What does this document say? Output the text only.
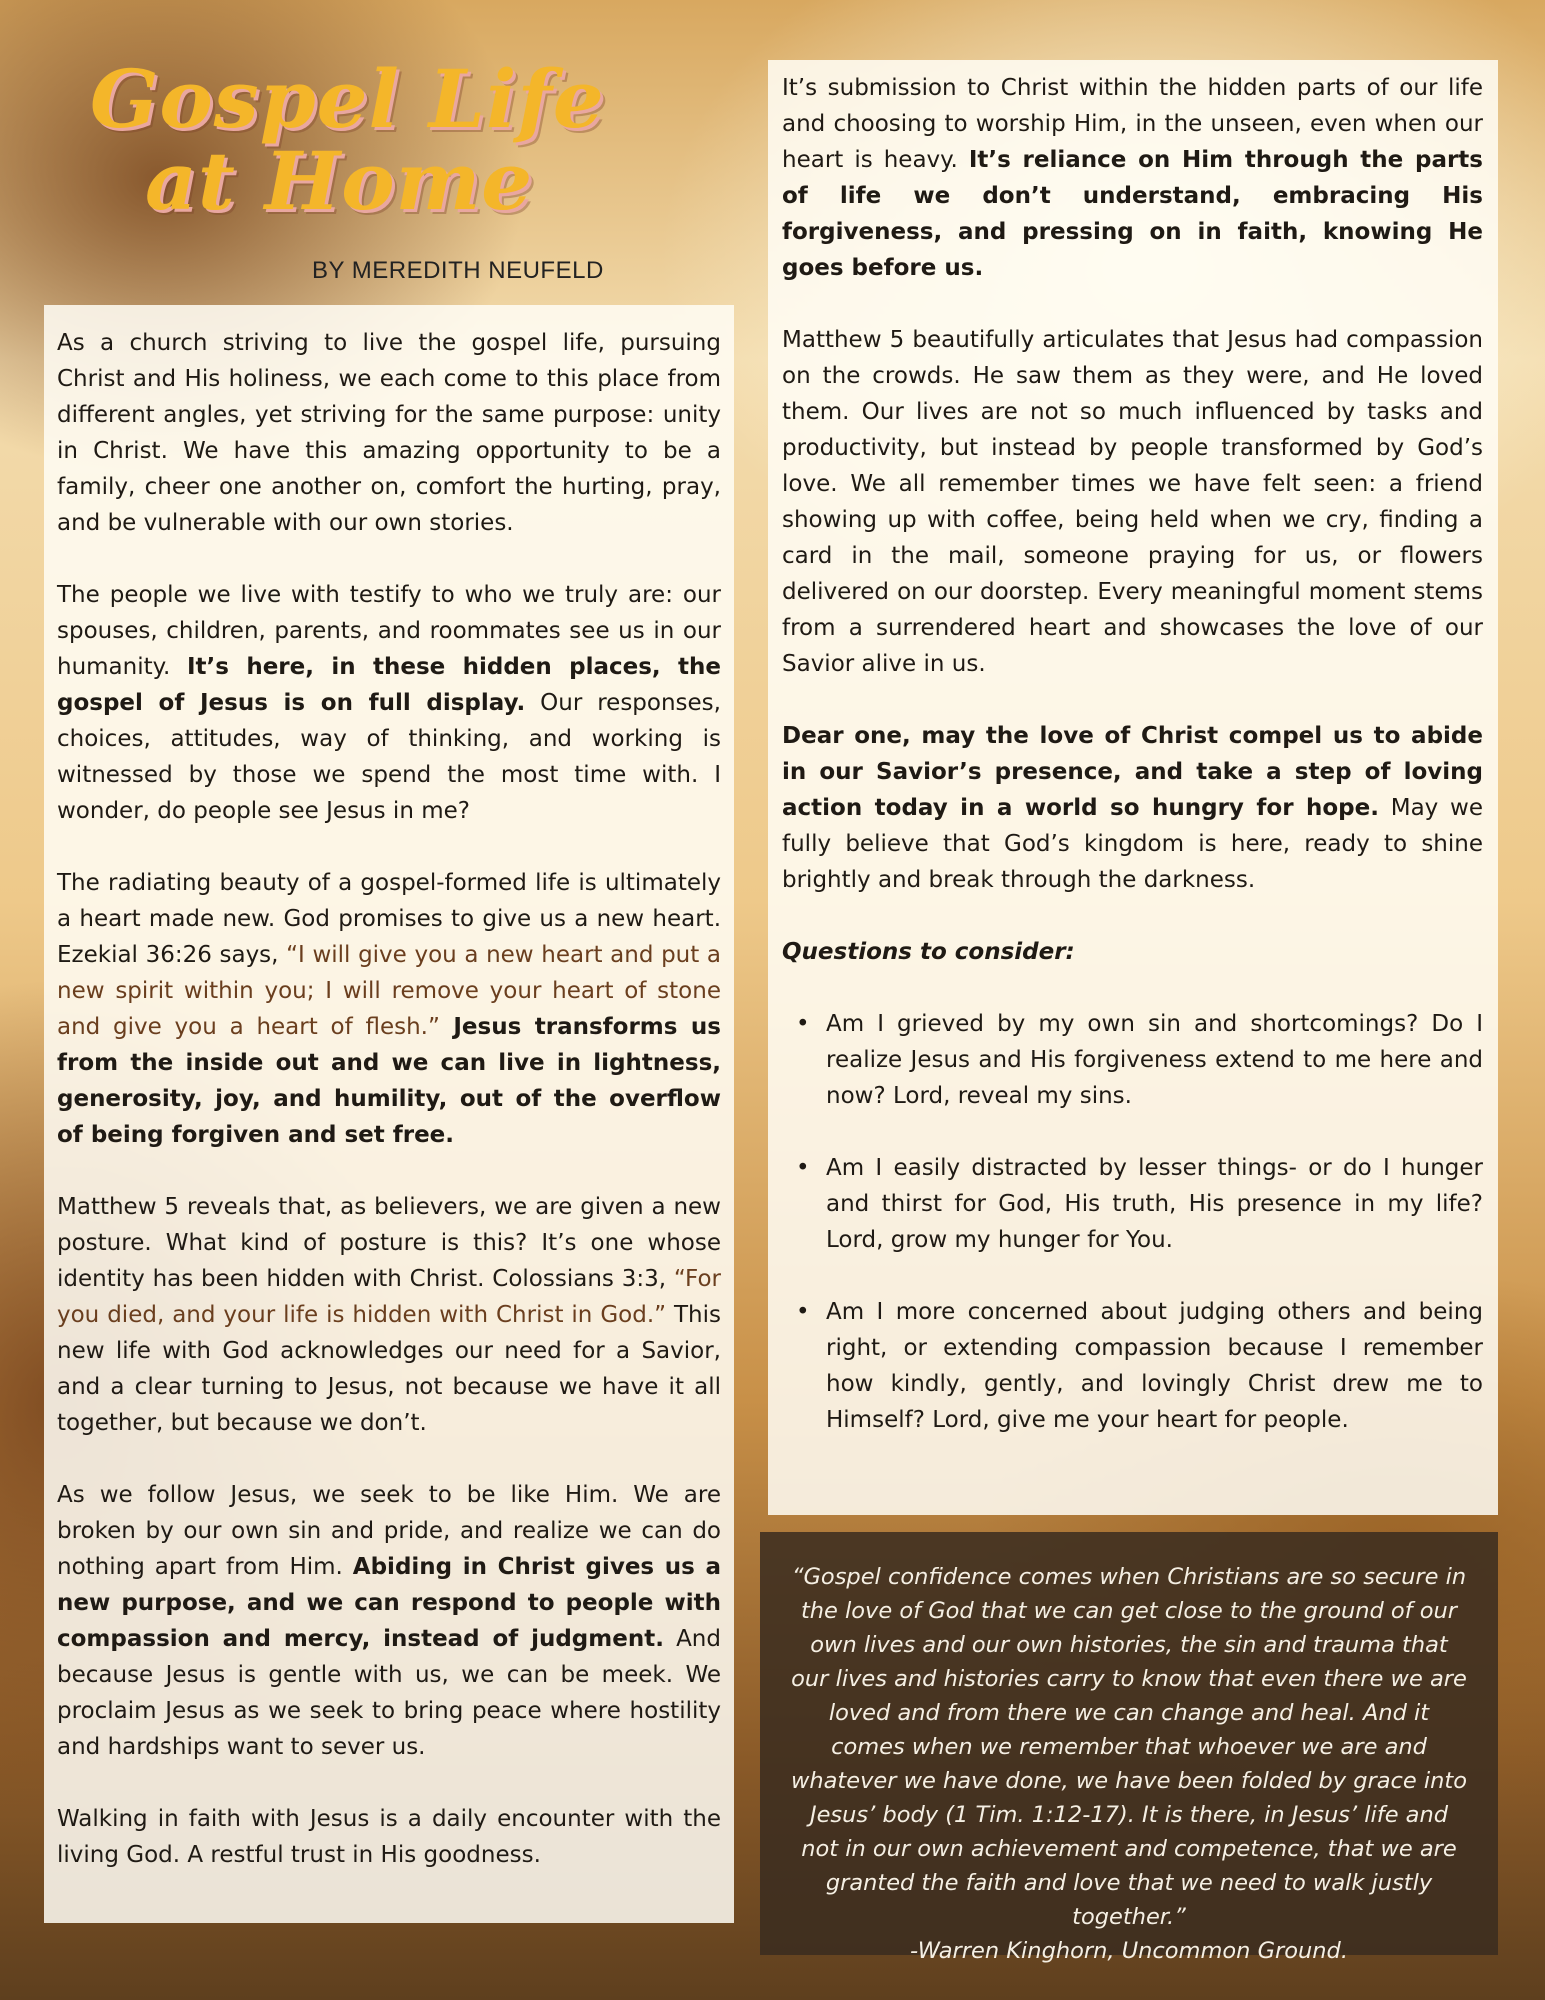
Gospel Life
at Home
BY MEREDITH NEUFELD

As a church striving to live the gospel life, pursuing Christ and His holiness, we each come to this place from different angles, yet striving for the same purpose: unity in Christ. We have this amazing opportunity to be a family, cheer one another on, comfort the hurting, pray, and be vulnerable with our own stories.

The people we live with testify to who we truly are: our spouses, children, parents, and roommates see us in our humanity. It’s here, in these hidden places, the gospel of Jesus is on full display. Our responses, choices, attitudes, way of thinking, and working is witnessed by those we spend the most time with. I wonder, do people see Jesus in me?

The radiating beauty of a gospel-formed life is ultimately a heart made new. God promises to give us a new heart. Ezekial 36:26 says, “I will give you a new heart and put a new spirit within you; I will remove your heart of stone and give you a heart of flesh.” Jesus transforms us from the inside out and we can live in lightness, generosity, joy, and humility, out of the overflow of being forgiven and set free.

Matthew 5 reveals that, as believers, we are given a new posture. What kind of posture is this? It’s one whose identity has been hidden with Christ. Colossians 3:3, “For you died, and your life is hidden with Christ in God.” This new life with God acknowledges our need for a Savior, and a clear turning to Jesus, not because we have it all together, but because we don’t.

As we follow Jesus, we seek to be like Him. We are broken by our own sin and pride, and realize we can do nothing apart from Him. Abiding in Christ gives us a new purpose, and we can respond to people with compassion and mercy, instead of judgment. And because Jesus is gentle with us, we can be meek. We proclaim Jesus as we seek to bring peace where hostility and hardships want to sever us.

Walking in faith with Jesus is a daily encounter with the living God. A restful trust in His goodness.

It’s submission to Christ within the hidden parts of our life and choosing to worship Him, in the unseen, even when our heart is heavy. It’s reliance on Him through the parts of life we don’t understand, embracing His forgiveness, and pressing on in faith, knowing He goes before us.

Matthew 5 beautifully articulates that Jesus had compassion on the crowds. He saw them as they were, and He loved them. Our lives are not so much influenced by tasks and productivity, but instead by people transformed by God’s love. We all remember times we have felt seen: a friend showing up with coffee, being held when we cry, finding a card in the mail, someone praying for us, or flowers delivered on our doorstep. Every meaningful moment stems from a surrendered heart and showcases the love of our Savior alive in us.

Dear one, may the love of Christ compel us to abide in our Savior’s presence, and take a step of loving action today in a world so hungry for hope. May we fully believe that God’s kingdom is here, ready to shine brightly and break through the darkness.

Questions to consider:

• Am I grieved by my own sin and shortcomings? Do I realize Jesus and His forgiveness extend to me here and now? Lord, reveal my sins.
• Am I easily distracted by lesser things- or do I hunger and thirst for God, His truth, His presence in my life? Lord, grow my hunger for You.
• Am I more concerned about judging others and being right, or extending compassion because I remember how kindly, gently, and lovingly Christ drew me to Himself? Lord, give me your heart for people.
“Gospel confidence comes when Christians are so secure in the love of God that we can get close to the ground of our own lives and our own histories, the sin and trauma that our lives and histories carry to know that even there we are loved and from there we can change and heal. And it comes when we remember that whoever we are and whatever we have done, we have been folded by grace into Jesus’ body (1 Tim. 1:12-17). It is there, in Jesus’ life and not in our own achievement and competence, that we are granted the faith and love that we need to walk justly together.”
-Warren Kinghorn, Uncommon Ground.
